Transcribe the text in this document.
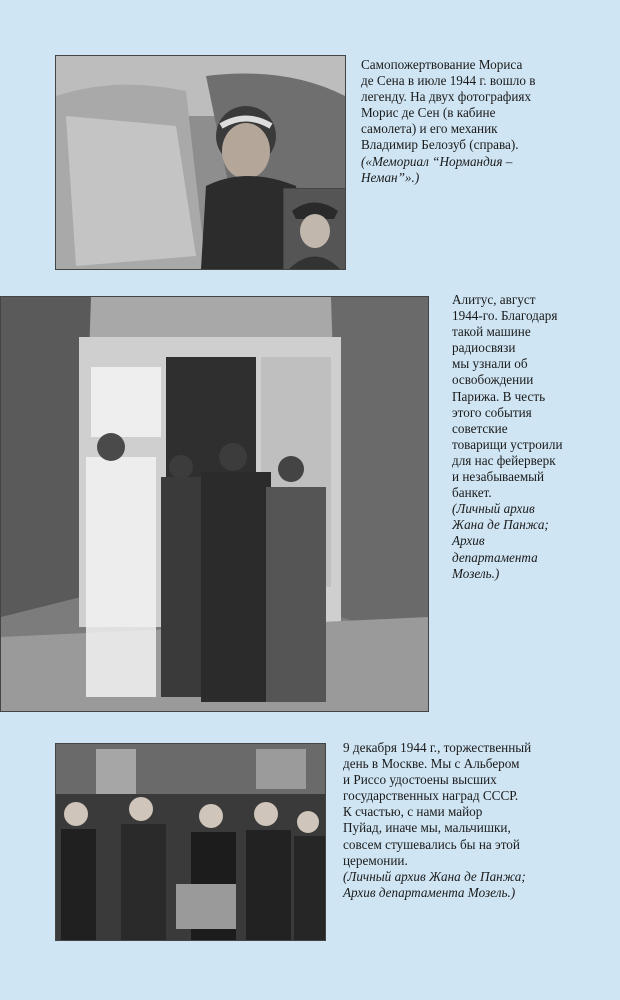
Самопожертвование Мориса
де Сена в июле 1944 г. вошло в
легенду. На двух фотографиях
Морис де Сен (в кабине
самолета) и его механик
Владимир Белозуб (справа).
(«Мемориал “Нормандия –
Неман”».)

Алитус, август
1944-го. Благодаря
такой машине
радиосвязи
мы узнали об
освобождении
Парижа. В честь
этого события
советские
товарищи устроили
для нас фейерверк
и незабываемый
банкет.
(Личный архив
Жана де Панжа;
Архив
департамента
Мозель.)

9 декабря 1944 г., торжественный
день в Москве. Мы с Альбером
и Риссо удостоены высших
государственных наград СССР.
К счастью, с нами майор
Пуйад, иначе мы, мальчишки,
совсем стушевались бы на этой
церемонии.
(Личный архив Жана де Панжа;
Архив департамента Мозель.)
